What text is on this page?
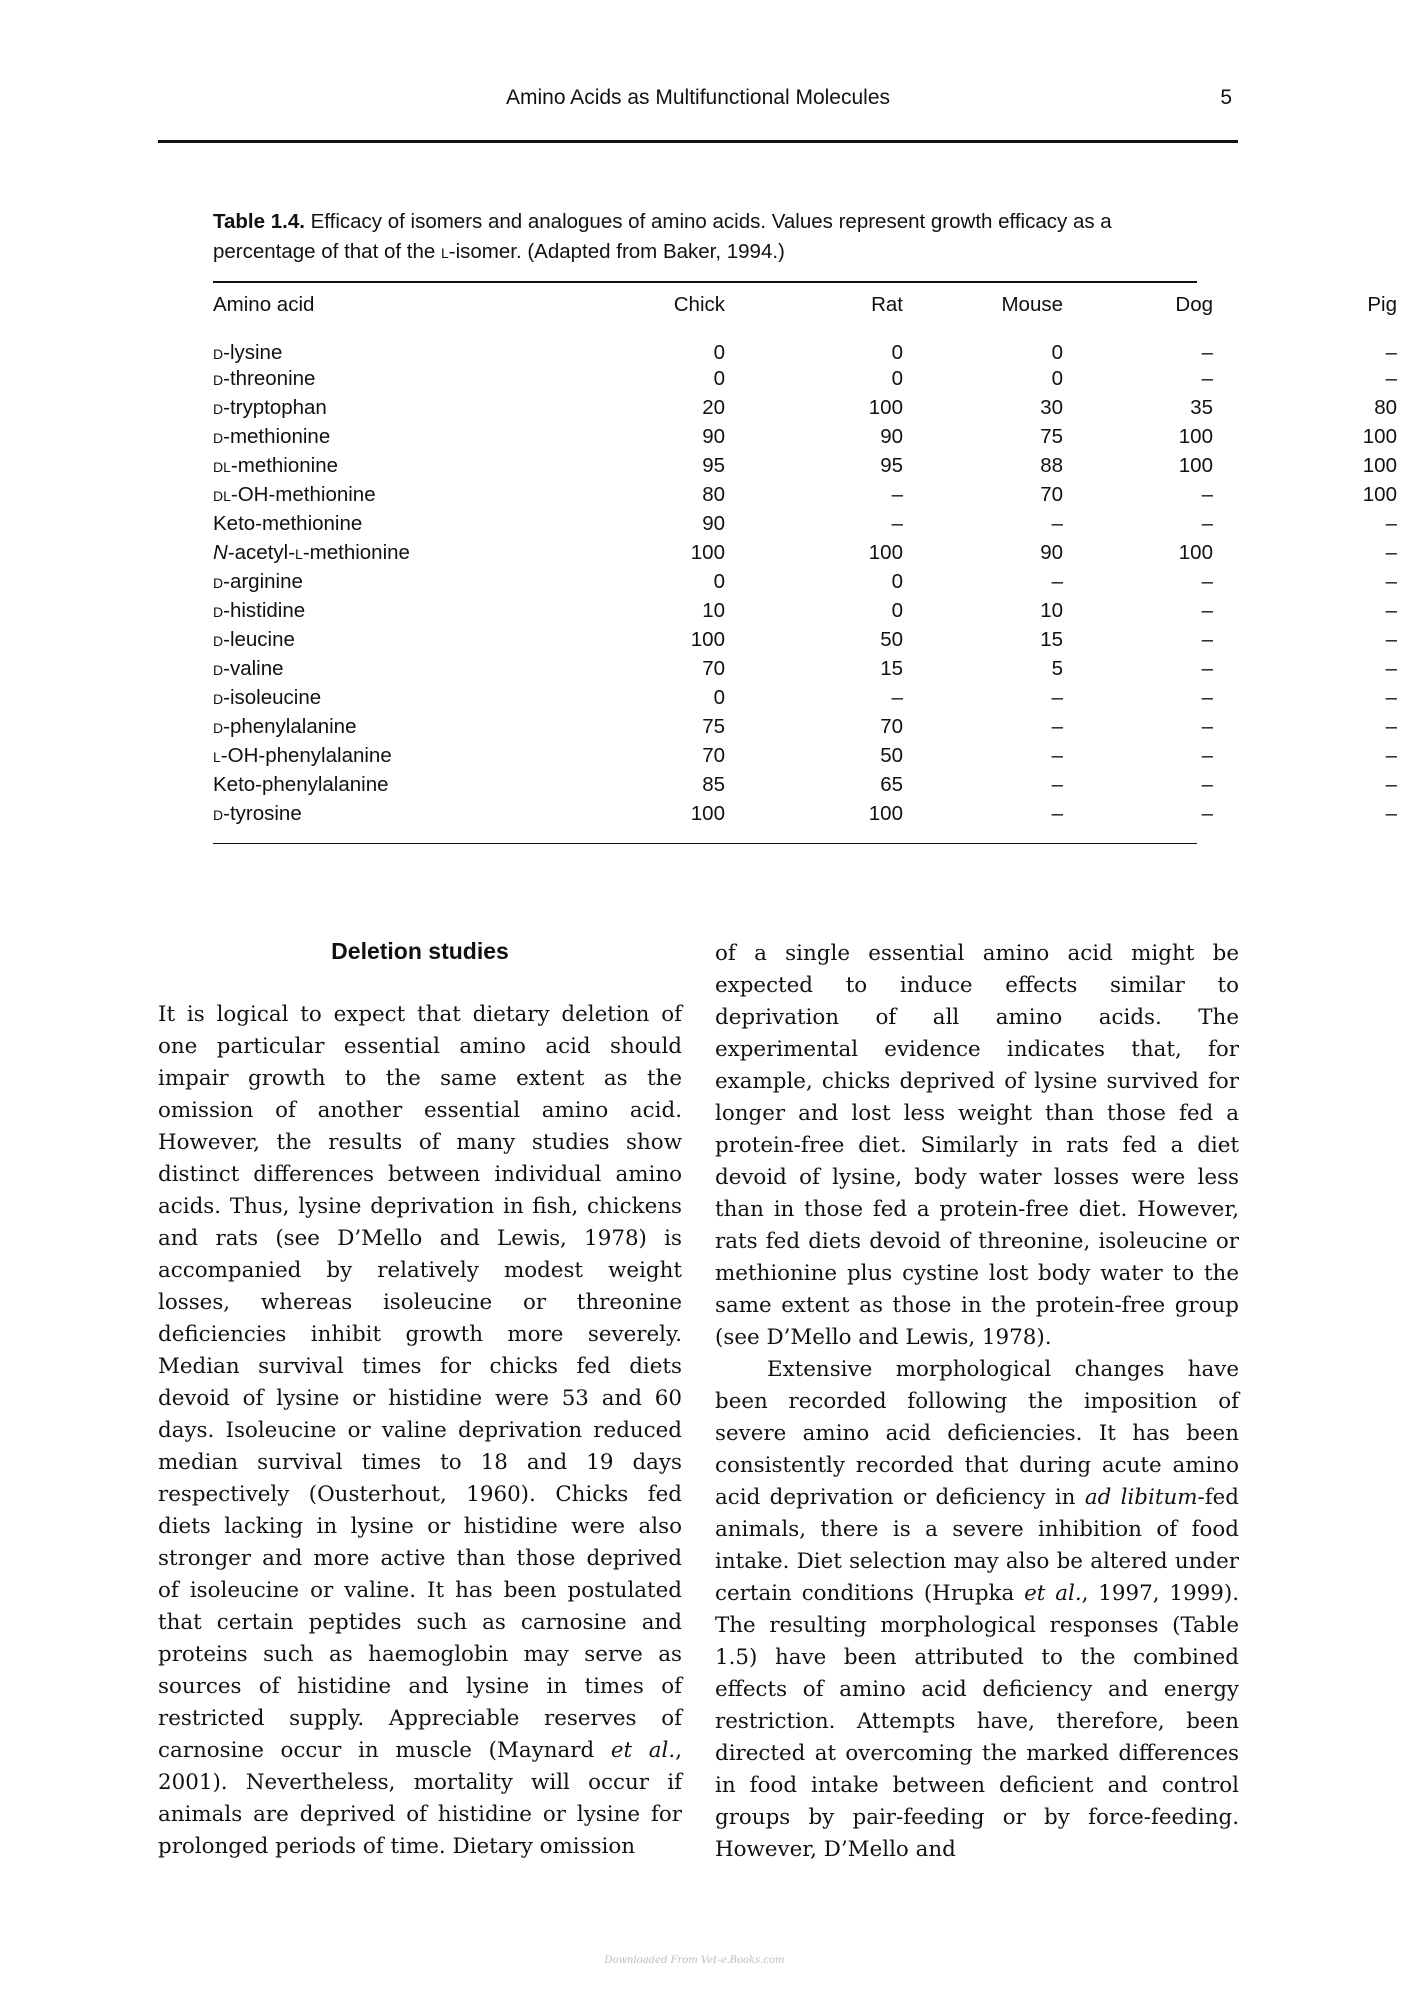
Amino Acids as Multifunctional Molecules	5

Table 1.4. Efficacy of isomers and analogues of amino acids. Values represent growth efficacy as a percentage of that of the l-isomer. (Adapted from Baker, 1994.)

Amino acid	Chick	Rat	Mouse	Dog	Pig
d-lysine	0	0	0	–	–
d-threonine	0	0	0	–	–
d-tryptophan	20	100	30	35	80
d-methionine	90	90	75	100	100
dl-methionine	95	95	88	100	100
dl-OH-methionine	80	–	70	–	100
Keto-methionine	90	–	–	–	–
N-acetyl-l-methionine	100	100	90	100	–
d-arginine	0	0	–	–	–
d-histidine	10	0	10	–	–
d-leucine	100	50	15	–	–
d-valine	70	15	5	–	–
d-isoleucine	0	–	–	–	–
d-phenylalanine	75	70	–	–	–
l-OH-phenylalanine	70	50	–	–	–
Keto-phenylalanine	85	65	–	–	–
d-tyrosine	100	100	–	–	–
Deletion studies

It is logical to expect that dietary deletion of one particular essential amino acid should impair growth to the same extent as the omission of another essential amino acid. However, the results of many studies show distinct differences between individual amino acids. Thus, lysine deprivation in fish, chickens and rats (see D’Mello and Lewis, 1978) is accompanied by relatively modest weight losses, whereas isoleucine or threonine deficiencies inhibit growth more severely. Median survival times for chicks fed diets devoid of lysine or histidine were 53 and 60 days. Isoleucine or valine deprivation reduced median survival times to 18 and 19 days respectively (Ousterhout, 1960). Chicks fed diets lacking in lysine or histidine were also stronger and more active than those deprived of isoleucine or valine. It has been postulated that certain peptides such as carnosine and proteins such as haemoglobin may serve as sources of histidine and lysine in times of restricted supply. Appreciable reserves of carnosine occur in muscle (Maynard et al., 2001). Nevertheless, mortality will occur if animals are deprived of histidine or lysine for prolonged periods of time. Dietary omission

of a single essential amino acid might be expected to induce effects similar to deprivation of all amino acids. The experimental evidence indicates that, for example, chicks deprived of lysine survived for longer and lost less weight than those fed a protein-free diet. Similarly in rats fed a diet devoid of lysine, body water losses were less than in those fed a protein-free diet. However, rats fed diets devoid of threonine, isoleucine or methionine plus cystine lost body water to the same extent as those in the protein-free group (see D’Mello and Lewis, 1978).

Extensive morphological changes have been recorded following the imposition of severe amino acid deficiencies. It has been consistently recorded that during acute amino acid deprivation or deficiency in ad libitum-fed animals, there is a severe inhibition of food intake. Diet selection may also be altered under certain conditions (Hrupka et al., 1997, 1999). The resulting morphological responses (Table 1.5) have been attributed to the combined effects of amino acid deficiency and energy restriction. Attempts have, therefore, been directed at overcoming the marked differences in food intake between deficient and control groups by pair-feeding or by force-feeding. However, D’Mello and

Downloaded From Vet-e.Books.com
